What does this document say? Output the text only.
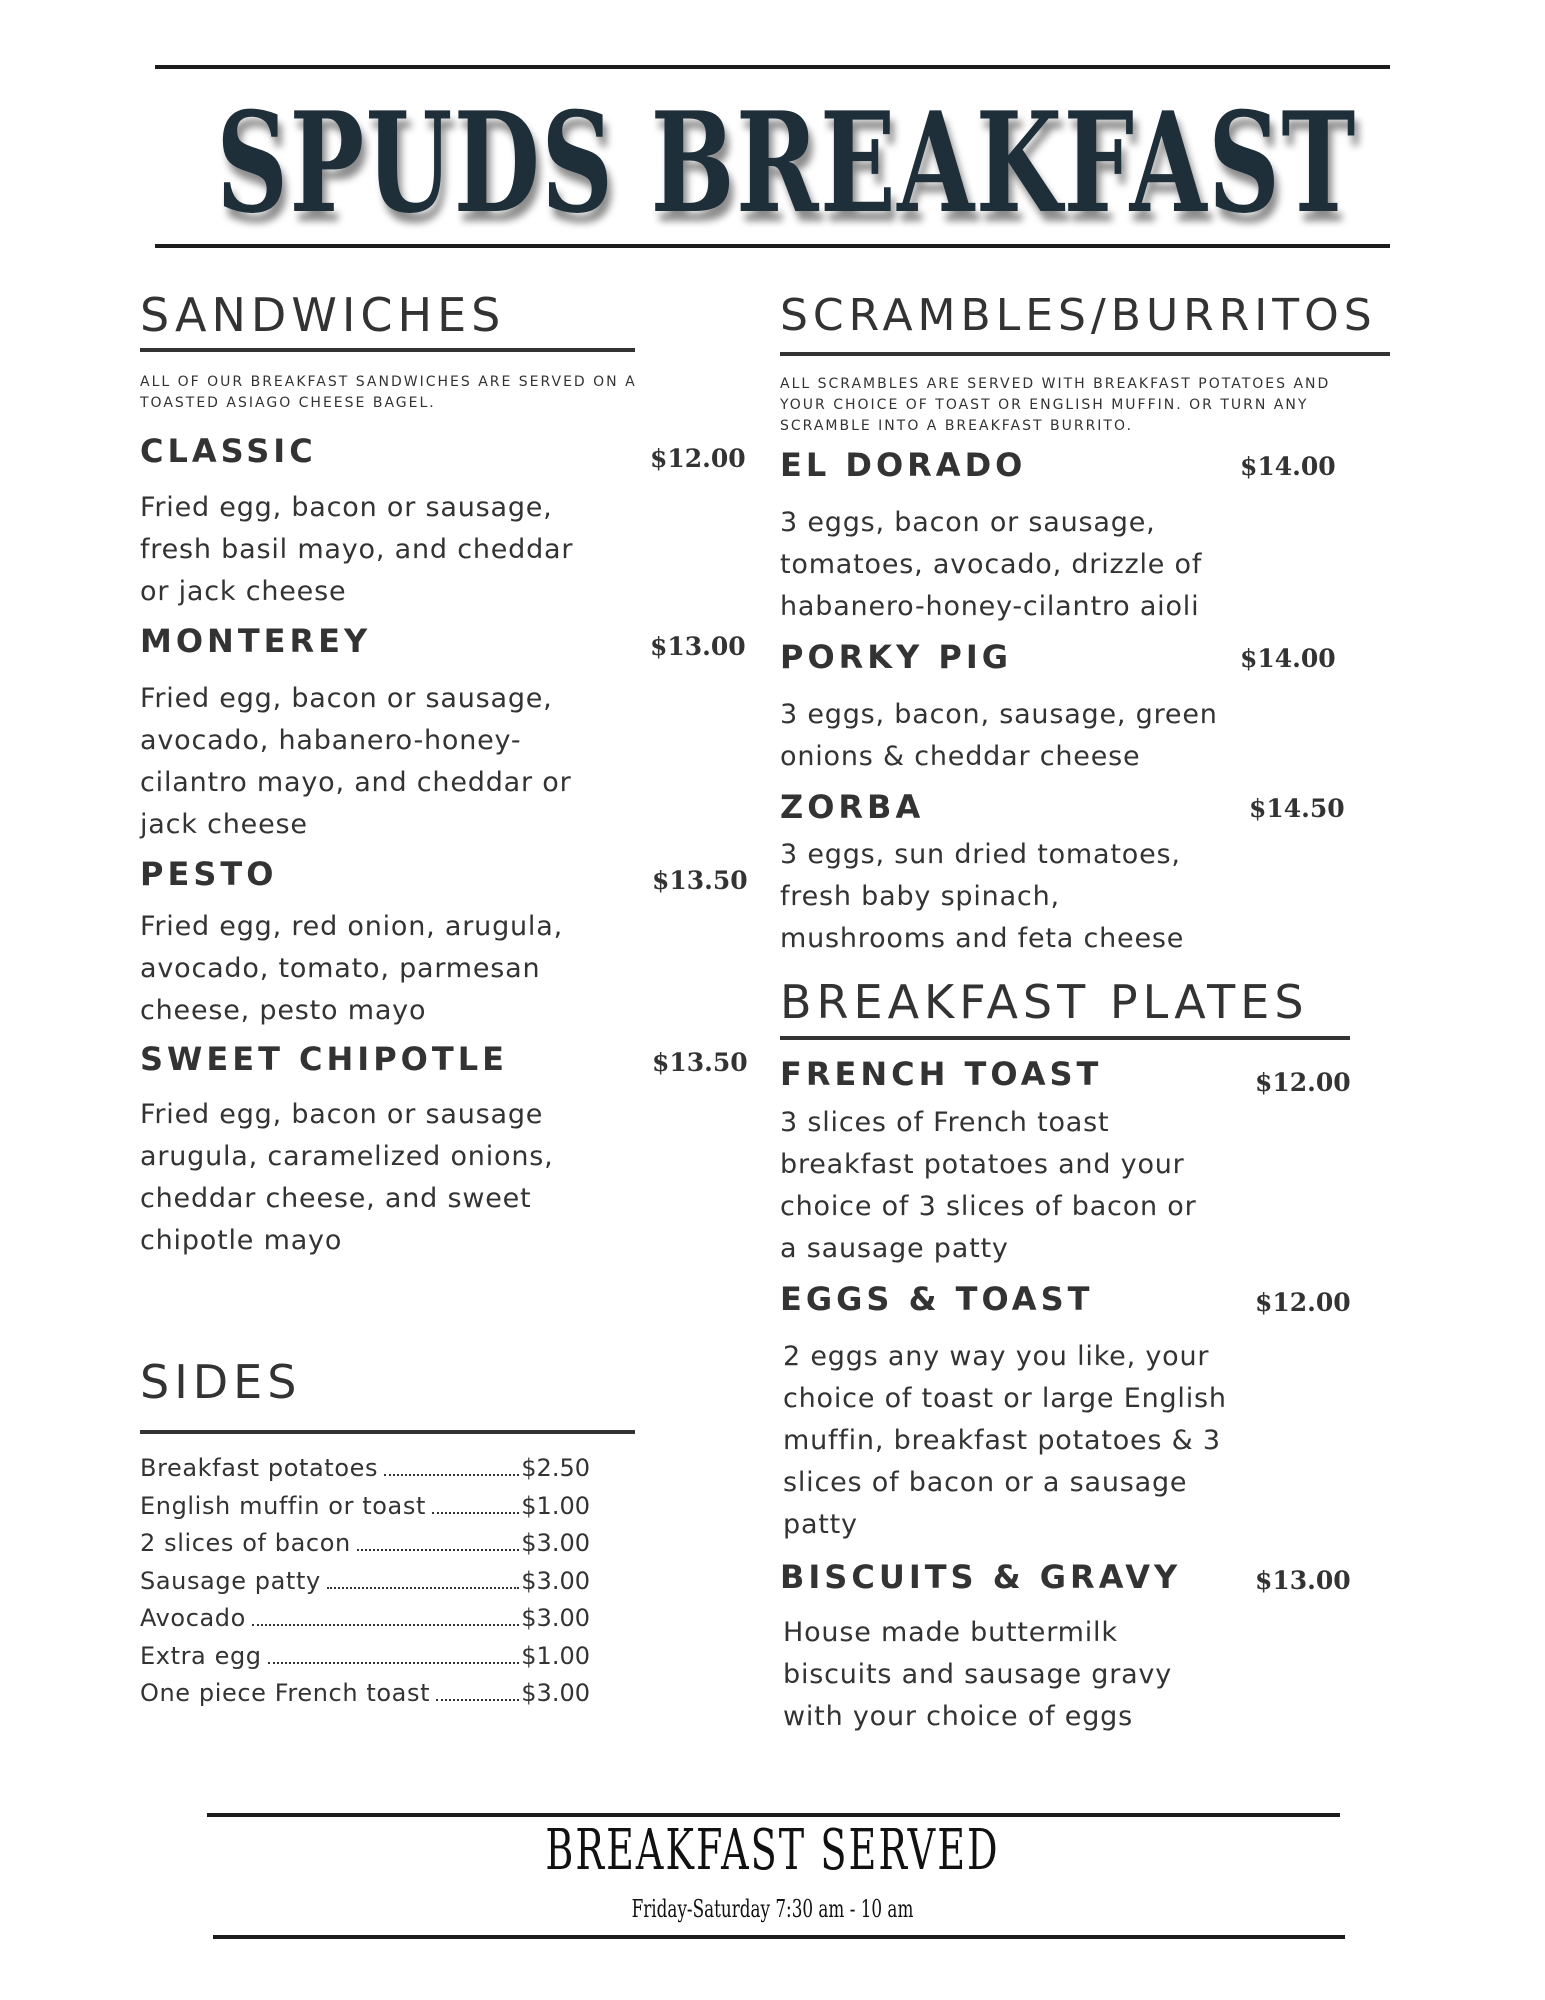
SPUDS BREAKFAST
SANDWICHES
ALL OF OUR BREAKFAST SANDWICHES ARE SERVED ON A TOASTED ASIAGO CHEESE BAGEL.
CLASSIC	$12.00
Fried egg, bacon or sausage, fresh basil mayo, and cheddar or jack cheese
MONTEREY	$13.00
Fried egg, bacon or sausage, avocado, habanero-honey-cilantro mayo, and cheddar or jack cheese
PESTO	$13.50
Fried egg, red onion, arugula, avocado, tomato, parmesan cheese, pesto mayo
SWEET CHIPOTLE	$13.50
Fried egg, bacon or sausage arugula, caramelized onions, cheddar cheese, and sweet chipotle mayo
SIDES
Breakfast potatoes	$2.50
English muffin or toast	$1.00
2 slices of bacon	$3.00
Sausage patty	$3.00
Avocado	$3.00
Extra egg	$1.00
One piece French toast	$3.00
SCRAMBLES/BURRITOS
ALL SCRAMBLES ARE SERVED WITH BREAKFAST POTATOES AND YOUR CHOICE OF TOAST OR ENGLISH MUFFIN. OR TURN ANY SCRAMBLE INTO A BREAKFAST BURRITO.
EL DORADO	$14.00
3 eggs, bacon or sausage, tomatoes, avocado, drizzle of habanero-honey-cilantro aioli
PORKY PIG	$14.00
3 eggs, bacon, sausage, green onions & cheddar cheese
ZORBA	$14.50
3 eggs, sun dried tomatoes, fresh baby spinach, mushrooms and feta cheese
BREAKFAST PLATES
FRENCH TOAST	$12.00
3 slices of French toast breakfast potatoes and your choice of 3 slices of bacon or a sausage patty
EGGS & TOAST	$12.00
2 eggs any way you like, your choice of toast or large English muffin, breakfast potatoes & 3 slices of bacon or a sausage patty
BISCUITS & GRAVY	$13.00
House made buttermilk biscuits and sausage gravy with your choice of eggs
BREAKFAST SERVED
Friday-Saturday 7:30 am - 10 am
